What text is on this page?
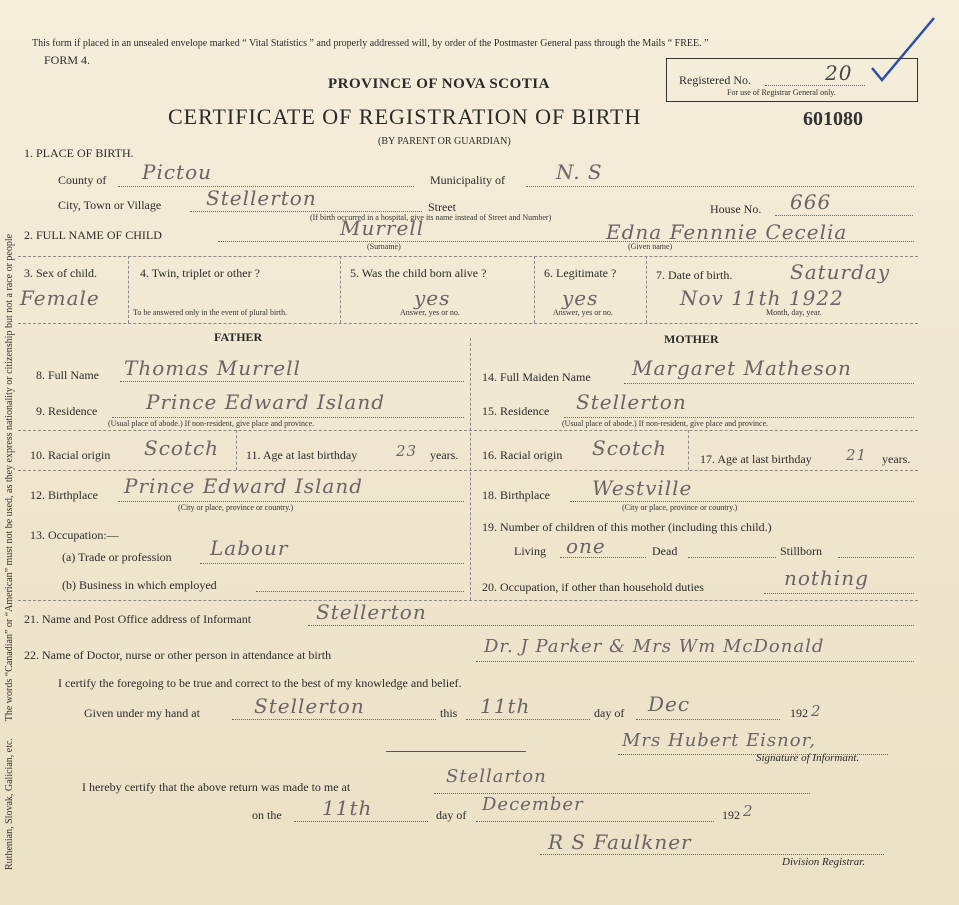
Ruthenian, Slovak, Galician, etc.  The words “Canadian” or “American” must not be used, as they express nationality or citizenship but not a race or people
This form if placed in an unsealed envelope marked “ Vital Statistics ” and properly addressed will, by order of the Postmaster General pass through the Mails “ FREE. ”
FORM 4.
PROVINCE OF NOVA SCOTIA
CERTIFICATE OF REGISTRATION OF BIRTH
(BY PARENT OR GUARDIAN)
601080
Registered No.	20
For use of Registrar General only.
1. PLACE OF BIRTH.
County of Pictou	Municipality of	N. S
City, Town or Village Stellerton	Street
(If birth occurred in a hospital, give its name instead of Street and Number)
House No. 666
2. FULL NAME OF CHILD	Murrell
(Surname)
Edna Fennnie Cecelia
(Given name)
3. Sex of child.
Female
4. Twin, triplet or other ?
To be answered only in the event of plural birth.
5. Was the child born alive ?
yes
Answer, yes or no.
6. Legitimate ?
yes
Answer, yes or no.
7. Date of birth.	Saturday
Nov 11th 1922
Month, day, year.
FATHER	MOTHER
8. Full Name Thomas Murrell
9. Residence Prince Edward Island
(Usual place of abode.) If non-resident, give place and province.
10. Racial origin Scotch 11. Age at last birthday	23 years.
12. Birthplace Prince Edward Island
(City or place, province or country.)
13. Occupation:—
(a) Trade or profession Labour
(b) Business in which employed
14. Full Maiden Name Margaret Matheson
15. Residence Stellerton
(Usual place of abode.) If non-resident, give place and province.
16. Racial origin Scotch	17. Age at last birthday 21 years.
18. Birthplace Westville
(City or place, province or country.)
19. Number of children of this mother (including this child.)
Living one	Dead	Stillborn
20. Occupation, if other than household duties	nothing
21. Name and Post Office address of Informant	Stellerton
22. Name of Doctor, nurse or other person in attendance at birth	Dr. J Parker & Mrs Wm McDonald
I certify the foregoing to be true and correct to the best of my knowledge and belief.
Given under my hand at	Stellerton	this 11th	day of Dec	192 2
Mrs Hubert Eisnor,
Signature of Informant.
I hereby certify that the above return was made to me at	Stellarton
on the 11th	day of December	192 2
R S Faulkner
Division Registrar.
